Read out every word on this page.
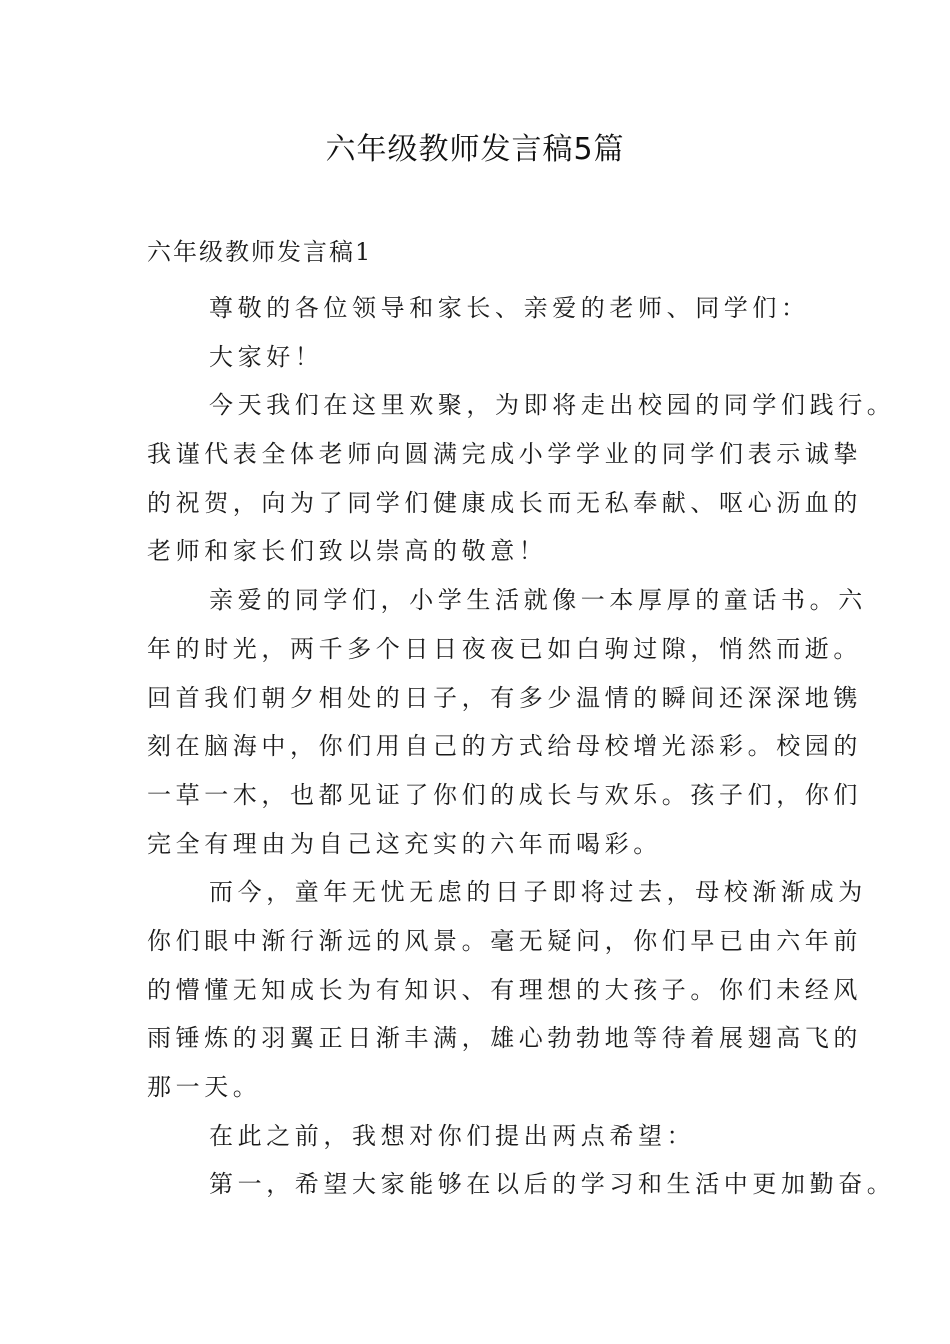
六年级教师发言稿5篇
六年级教师发言稿1
尊敬的各位领导和家长、亲爱的老师、同学们：
大家好！
今天我们在这里欢聚，为即将走出校园的同学们践行。
我谨代表全体老师向圆满完成小学学业的同学们表示诚挚
的祝贺，向为了同学们健康成长而无私奉献、呕心沥血的
老师和家长们致以崇高的敬意！
亲爱的同学们，小学生活就像一本厚厚的童话书。六
年的时光，两千多个日日夜夜已如白驹过隙，悄然而逝。
回首我们朝夕相处的日子，有多少温情的瞬间还深深地镌
刻在脑海中，你们用自己的方式给母校增光添彩。校园的
一草一木，也都见证了你们的成长与欢乐。孩子们，你们
完全有理由为自己这充实的六年而喝彩。
而今，童年无忧无虑的日子即将过去，母校渐渐成为
你们眼中渐行渐远的风景。毫无疑问，你们早已由六年前
的懵懂无知成长为有知识、有理想的大孩子。你们未经风
雨锤炼的羽翼正日渐丰满，雄心勃勃地等待着展翅高飞的
那一天。
在此之前，我想对你们提出两点希望：
第一，希望大家能够在以后的学习和生活中更加勤奋。
